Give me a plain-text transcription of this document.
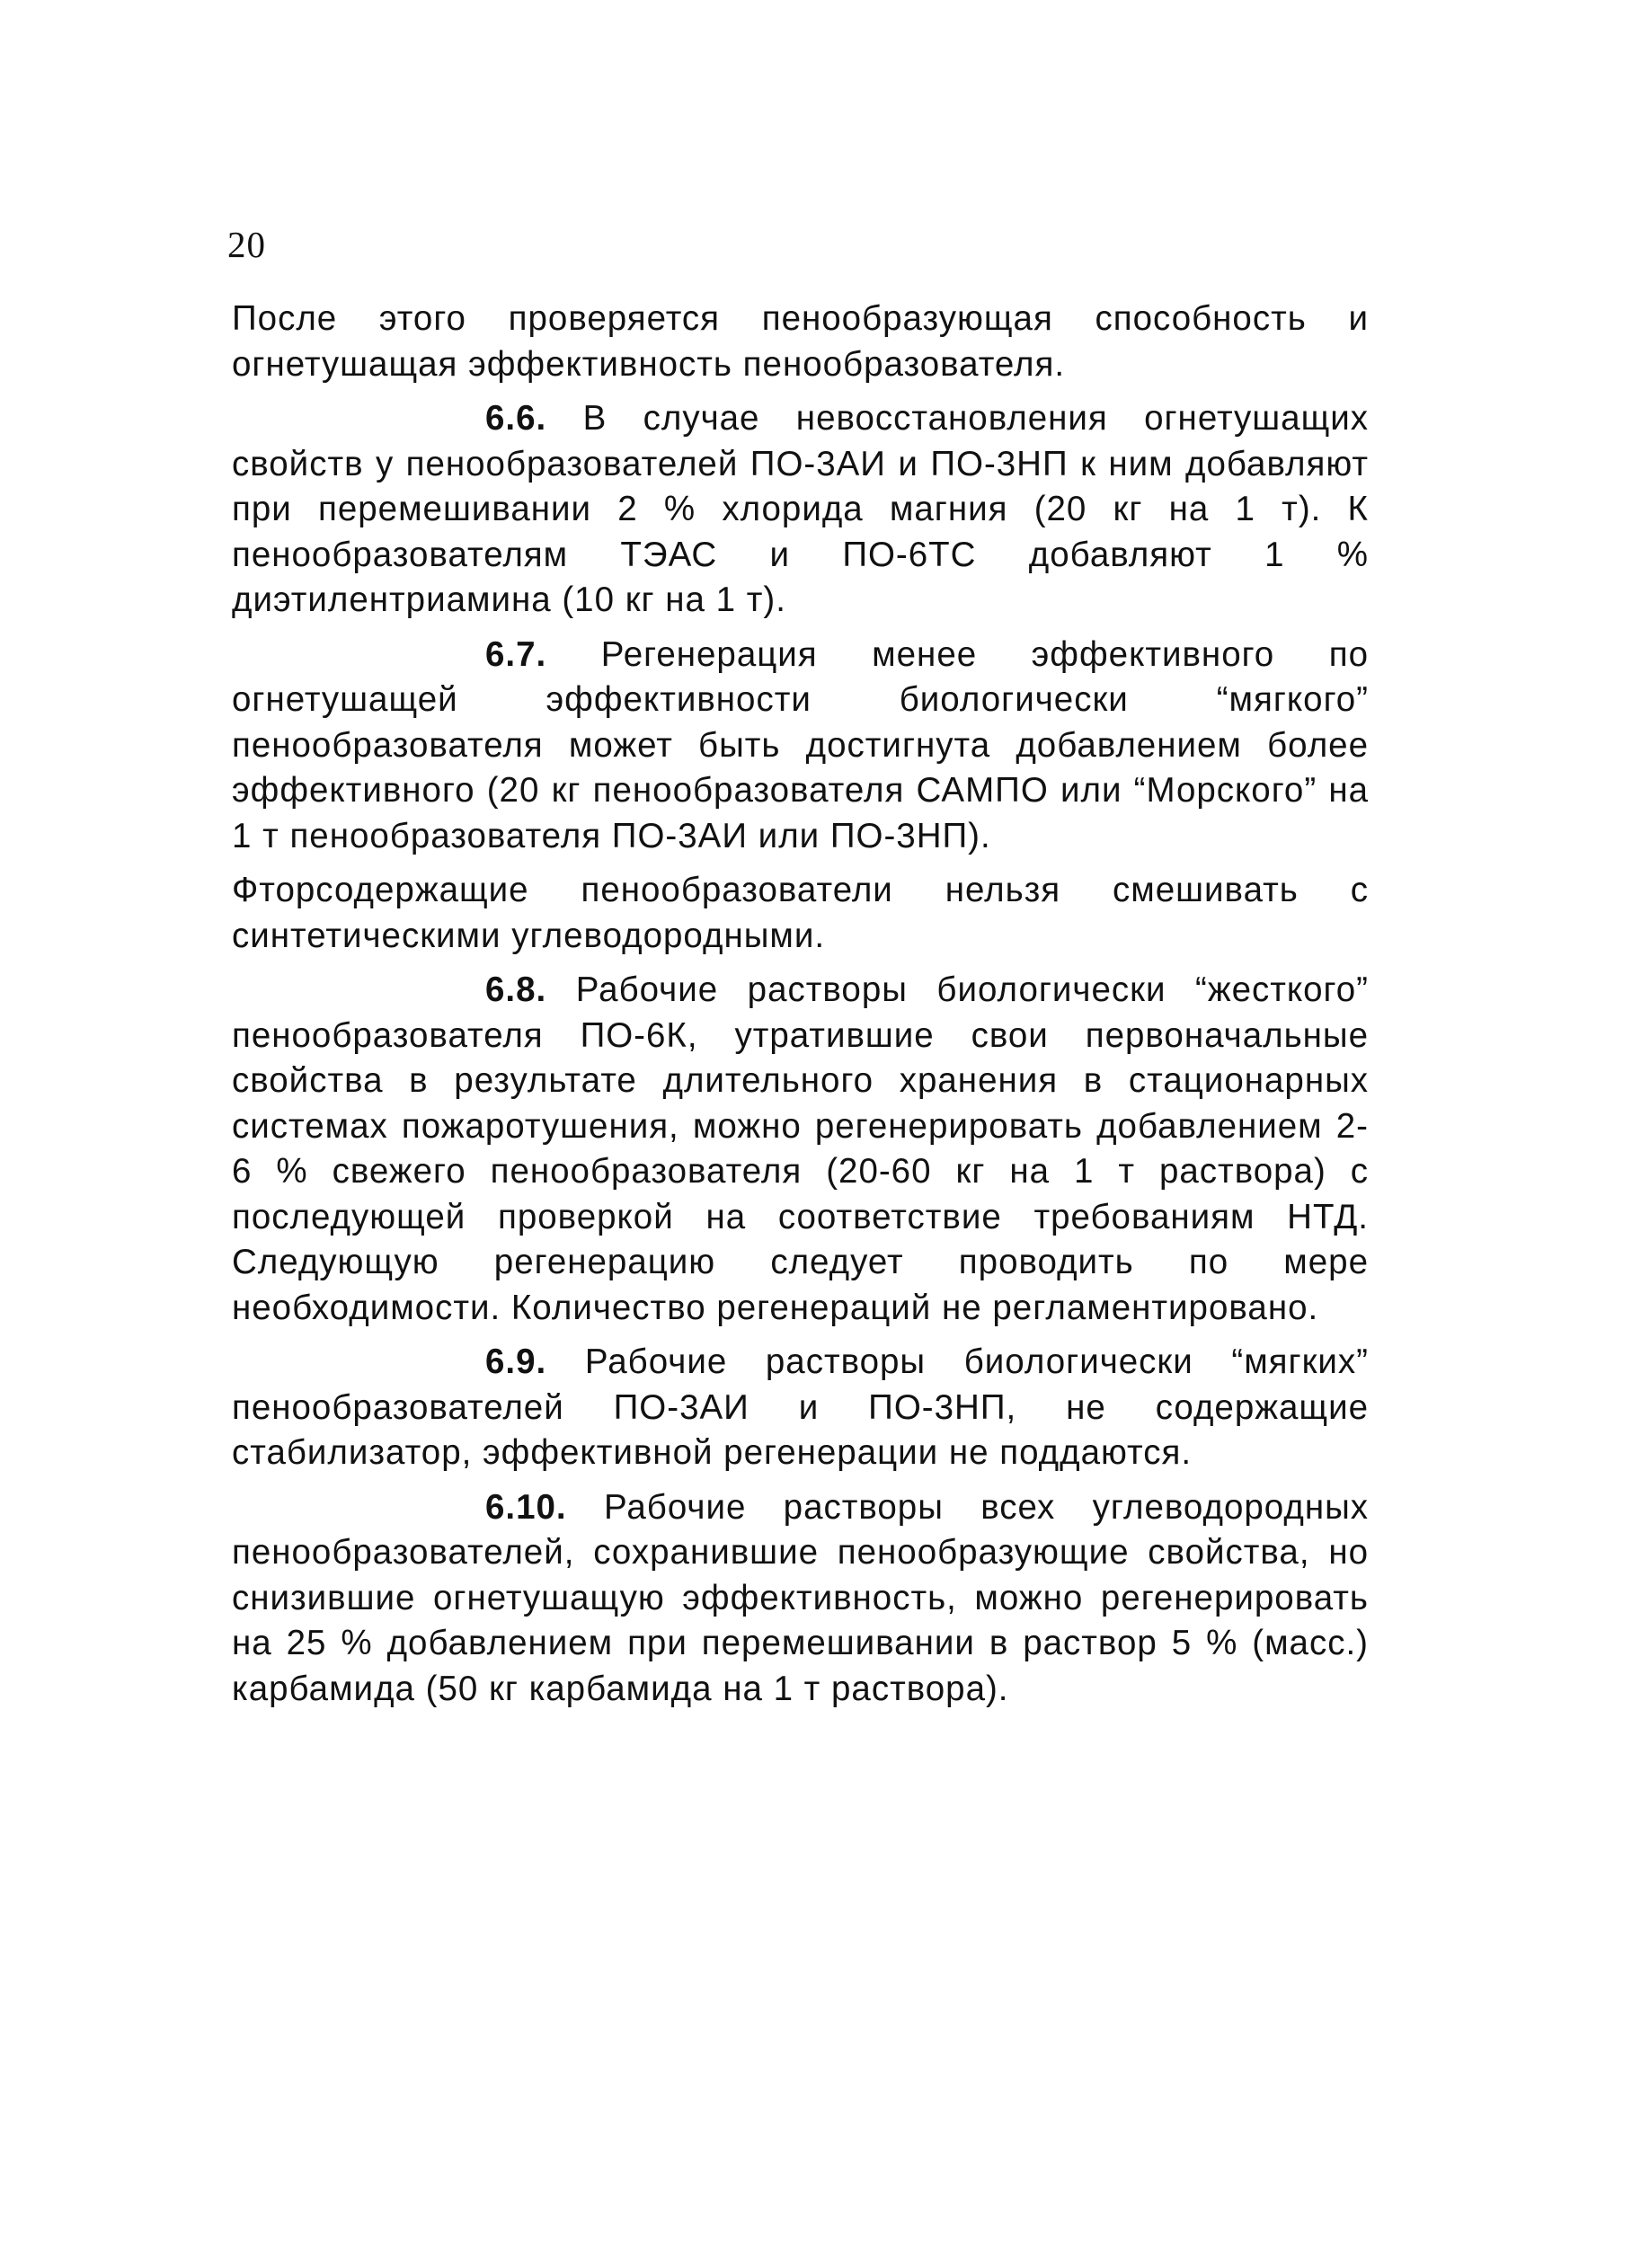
20

После этого проверяется пенообразующая способность и огнетушащая эффективность пенообразователя.

6.6. В случае невосстановления огнетушащих свойств у пенообразователей ПО-3АИ и ПО-3НП к ним добавляют при перемешивании 2 % хлорида магния (20 кг на 1 т). К пенообразователям ТЭАС и ПО-6ТС добавляют 1 % диэтилентриамина (10 кг на 1 т).

6.7. Регенерация менее эффективного по огнетушащей эффективности биологически “мягкого” пенообразователя может быть достигнута добавлением более эффективного (20 кг пенообразователя САМПО или “Морского” на 1 т пенообразователя ПО-3АИ или ПО-3НП).

Фторсодержащие пенообразователи нельзя смешивать с синтетическими углеводородными.

6.8. Рабочие растворы биологически “жесткого” пенообразователя ПО-6К, утратившие свои первоначальные свойства в результате длительного хранения в стационарных системах пожаротушения, можно регенерировать добавлением 2-6 % свежего пенообразователя (20-60 кг на 1 т раствора) с последующей проверкой на соответствие требованиям НТД. Следующую регенерацию следует проводить по мере необходимости. Количество регенераций не регламентировано.

6.9. Рабочие растворы биологически “мягких” пенообразователей ПО-3АИ и ПО-3НП, не содержащие стабилизатор, эффективной регенерации не поддаются.

6.10. Рабочие растворы всех углеводородных пенообразователей, сохранившие пенообразующие свойства, но снизившие огнетушащую эффективность, можно регенерировать на 25 % добавлением при перемешивании в раствор 5 % (масс.) карбамида (50 кг карбамида на 1 т раствора).
